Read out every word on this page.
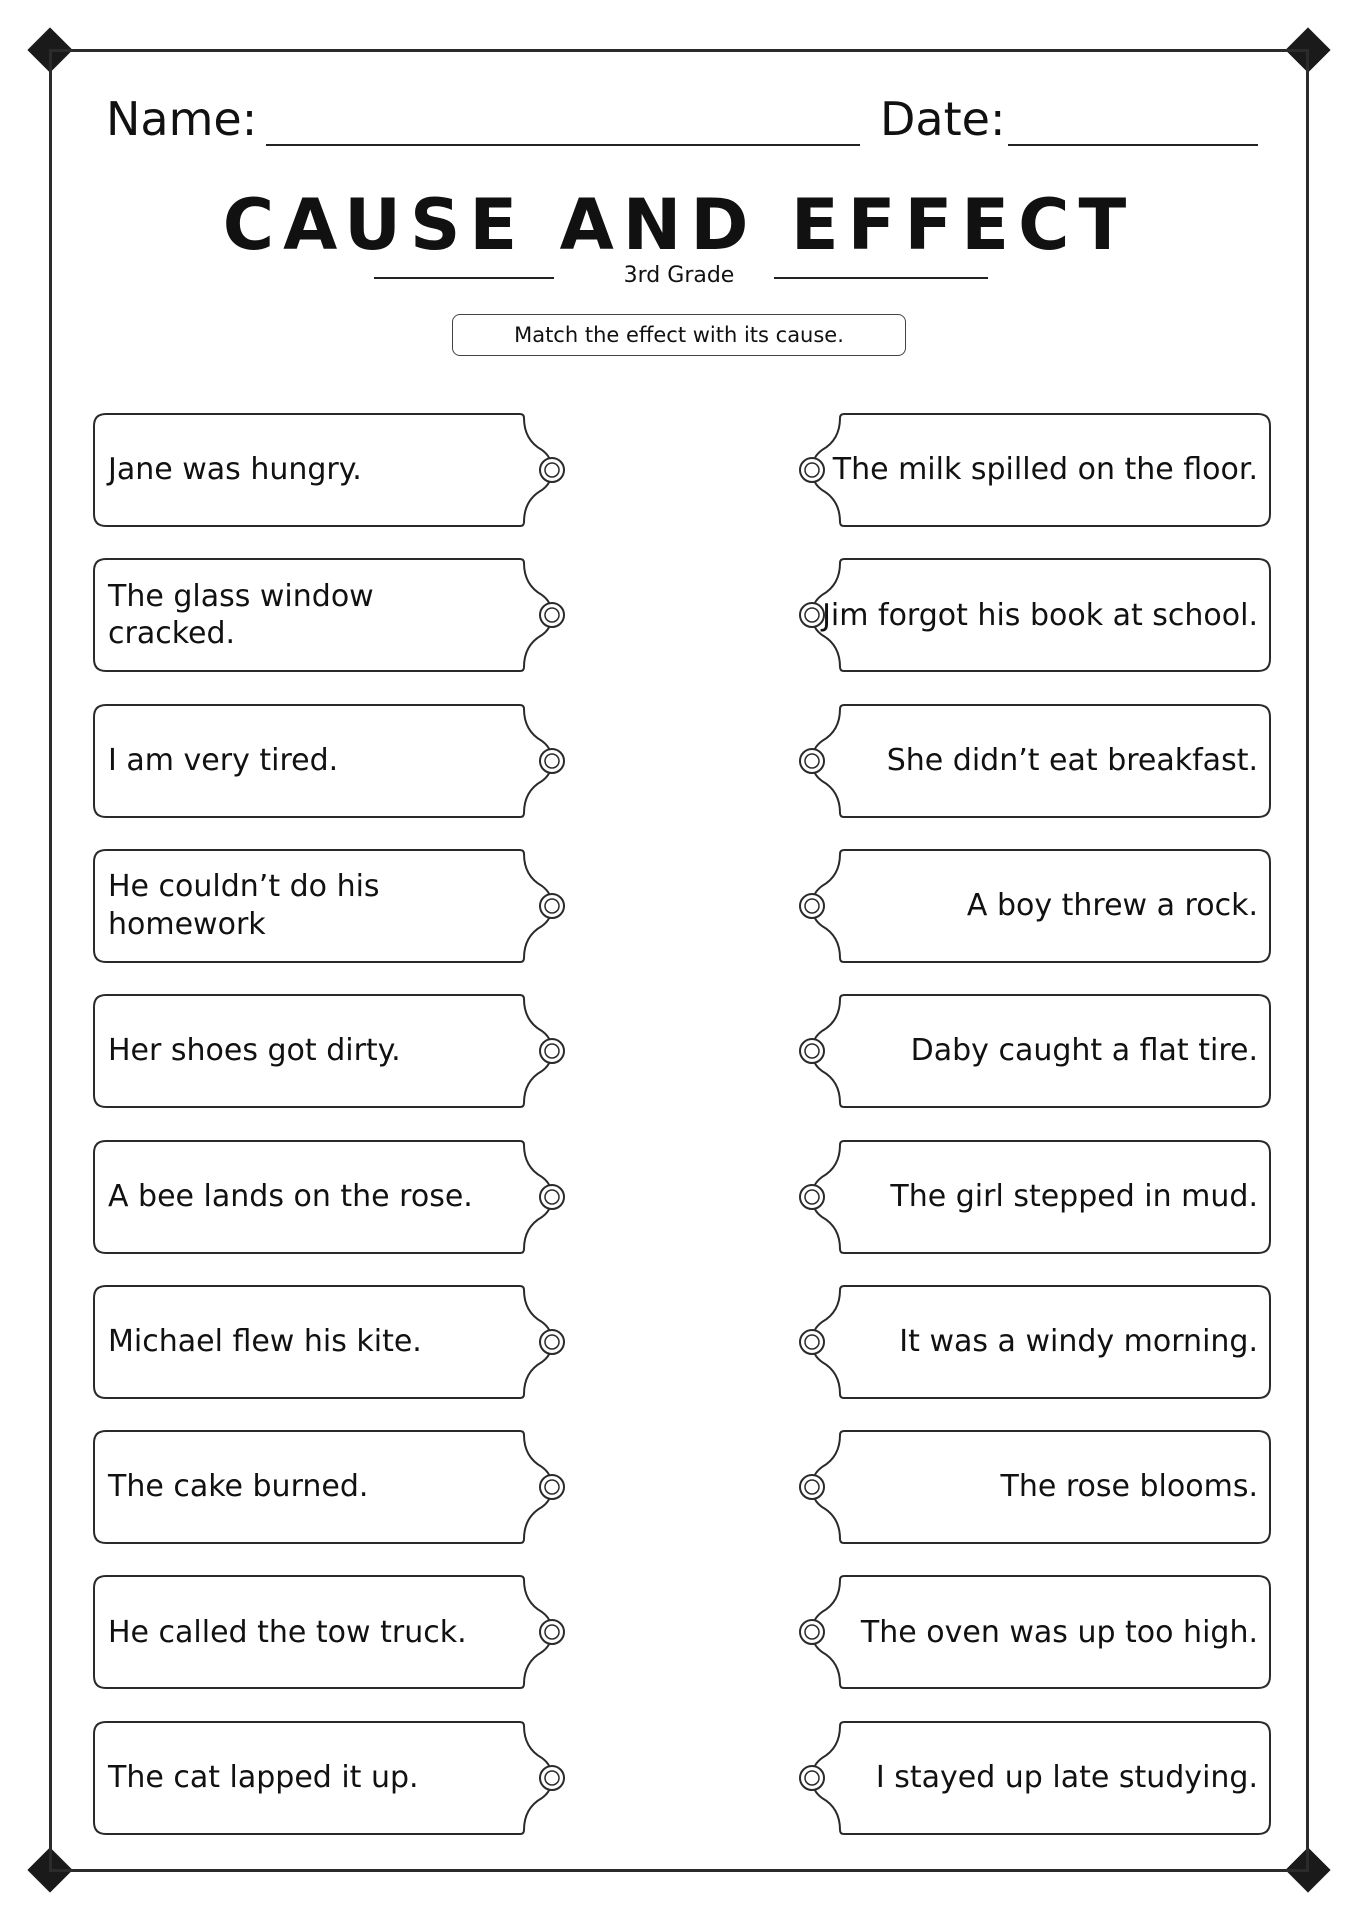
Name:	Date:
CAUSE AND EFFECT
3rd Grade
Match the effect with its cause.
Jane was hungry.
The glass window cracked.
I am very tired.
He couldn’t do his homework
Her shoes got dirty.
A bee lands on the rose.
Michael flew his kite.
The cake burned.
He called the tow truck.
The cat lapped it up.
The milk spilled on the floor.
Jim forgot his book at school.
She didn’t eat breakfast.
A boy threw a rock.
Daby caught a flat tire.
The girl stepped in mud.
It was a windy morning.
The rose blooms.
The oven was up too high.
I stayed up late studying.
